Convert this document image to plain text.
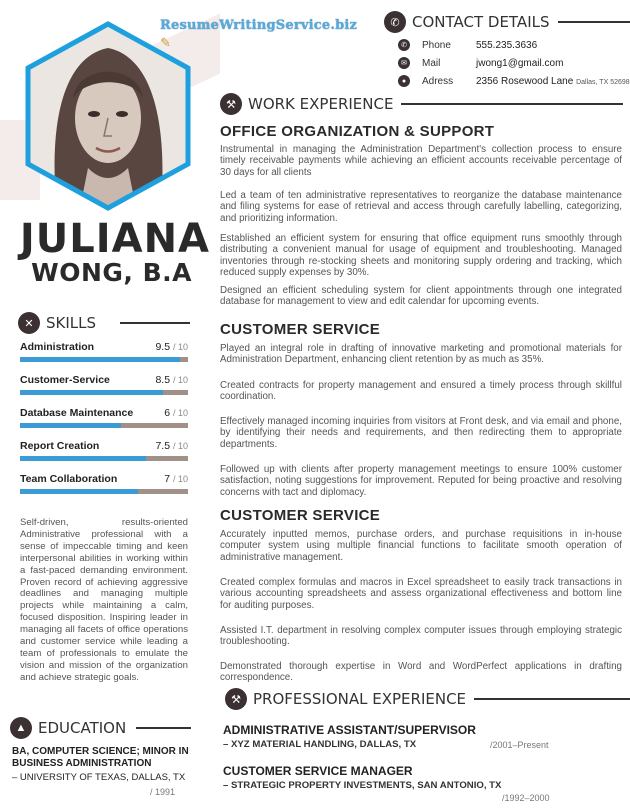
ResumeWritingService.biz ✎
JULIANA
WONG, B.A
✕ SKILLS
Administration	9.5 / 10
Customer-Service	8.5 / 10
Database Maintenance	6 / 10
Report Creation	7.5 / 10
Team Collaboration	7 / 10
Self-driven, results-oriented Administrative professional with a sense of impeccable timing and keen interpersonal abilities in working within a fast-paced demanding environment. Proven record of achieving aggressive deadlines and managing multiple projects while maintaining a calm, focused disposition. Inspiring leader in managing all facets of office operations and customer service while leading a team of professionals to emulate the vision and mission of the organization and achieve strategic goals.
▲ EDUCATION
BA, COMPUTER SCIENCE; MINOR IN BUSINESS ADMINISTRATION
– UNIVERSITY OF TEXAS, DALLAS, TX
/ 1991
✆ CONTACT DETAILS
✆	Phone	555.235.3636
✉	Mail	jwong1@gmail.com
●	Adress 2356 Rosewood Lane Dallas, TX 52698
⚒ WORK EXPERIENCE
OFFICE ORGANIZATION & SUPPORT
Instrumental in managing the Administration Department's collection process to ensure timely receivable payments while achieving an efficient accounts receivable percentage of 30 days for all clients
Led a team of ten administrative representatives to reorganize the database maintenance and filing systems for ease of retrieval and access through carefully labelling, categorizing, and prioritizing information.
Established an efficient system for ensuring that office equipment runs smoothly through distributing a convenient manual for usage of equipment and troubleshooting. Managed inventories through re-stocking sheets and monitoring supply ordering and tracking, which reduced supply expenses by 30%.
Designed an efficient scheduling system for client appointments through one integrated database for management to view and edit calendar for upcoming events.
CUSTOMER SERVICE
Played an integral role in drafting of innovative marketing and promotional materials for Administration Department, enhancing client retention by as much as 35%.
Created contracts for property management and ensured a timely process through skillful coordination.
Effectively managed incoming inquiries from visitors at Front desk, and via email and phone, by identifying their needs and requirements, and then redirecting them to appropriate departments.
Followed up with clients after property management meetings to ensure 100% customer satisfaction, noting suggestions for improvement. Reputed for being proactive and resolving concerns with tact and diplomacy.
CUSTOMER SERVICE
Accurately inputted memos, purchase orders, and purchase requisitions in in-house computer system using multiple financial functions to facilitate smooth operation of administrative management.
Created complex formulas and macros in Excel spreadsheet to easily track transactions in various accounting spreadsheets and assess organizational effectiveness and bottom line for auditing purposes.
Assisted I.T. department in resolving complex computer issues through employing strategic troubleshooting.
Demonstrated thorough expertise in Word and WordPerfect applications in drafting correspondence.
⚒ PROFESSIONAL EXPERIENCE
ADMINISTRATIVE ASSISTANT/SUPERVISOR
– XYZ MATERIAL HANDLING, DALLAS, TX	/2001–Present
CUSTOMER SERVICE MANAGER
– STRATEGIC PROPERTY INVESTMENTS, SAN ANTONIO, TX
/1992–2000
